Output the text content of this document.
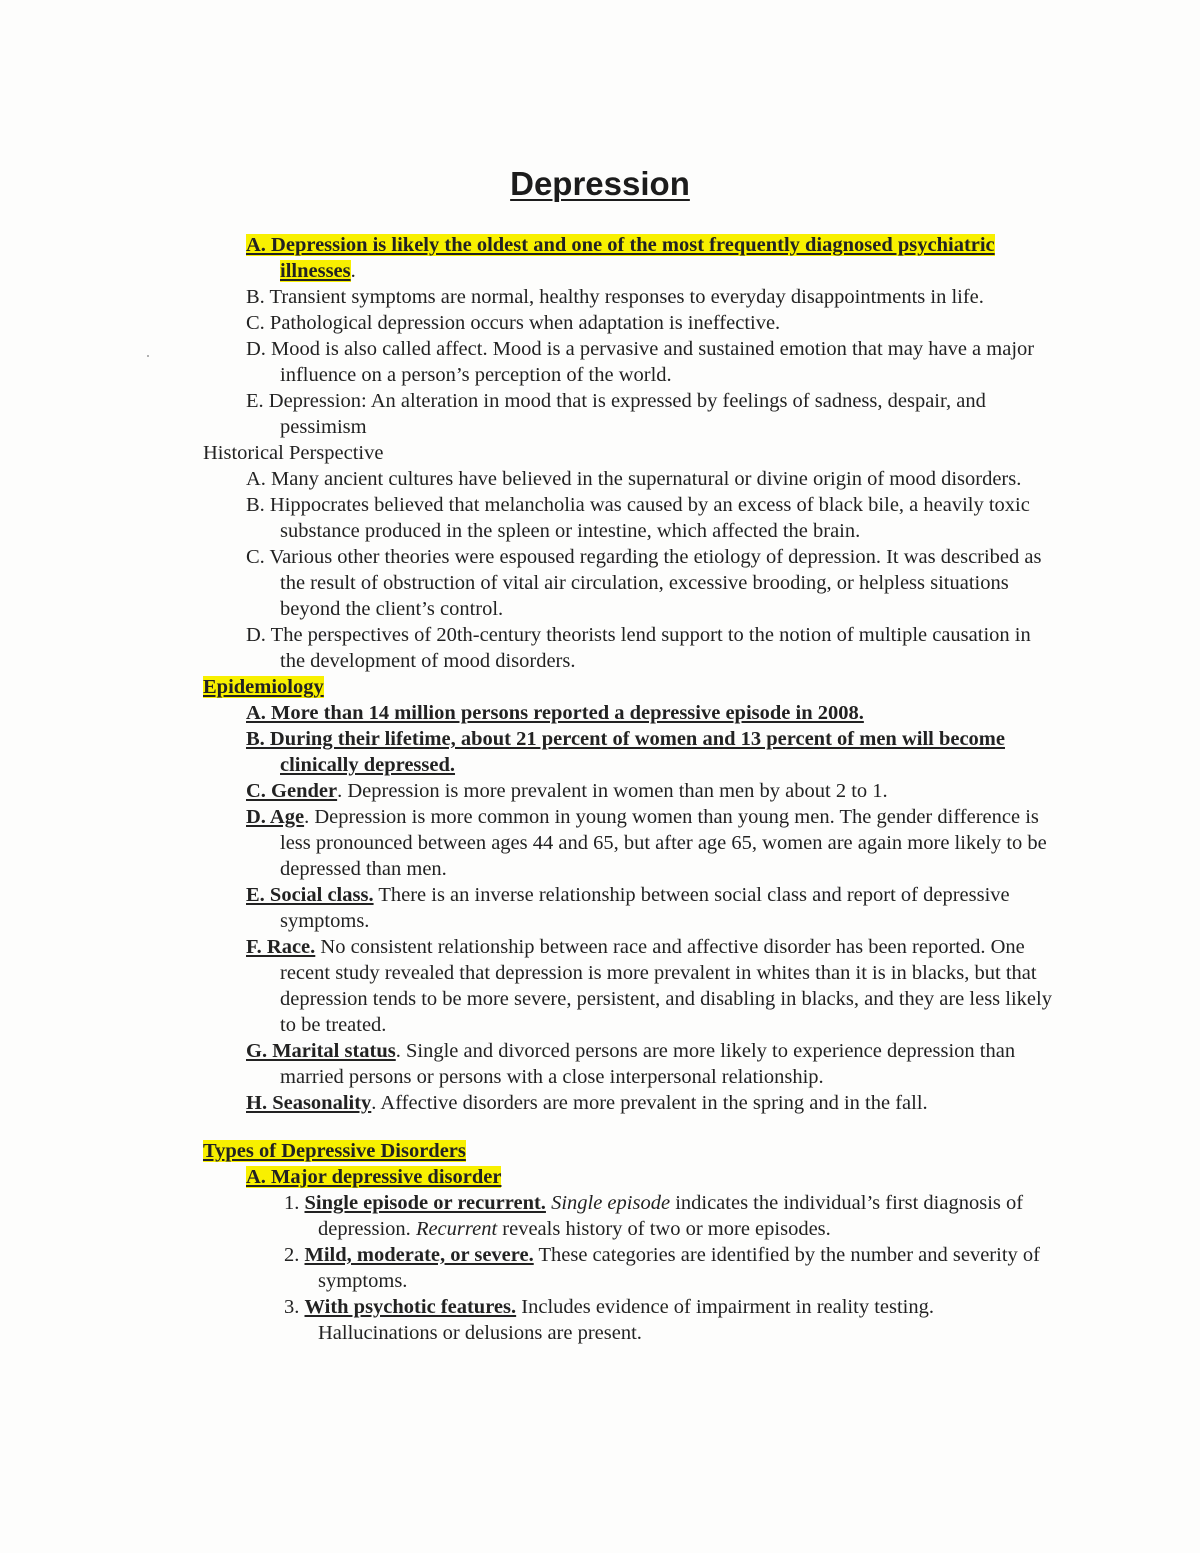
Depression
A. Depression is likely the oldest and one of the most frequently diagnosed psychiatric illnesses.
B. Transient symptoms are normal, healthy responses to everyday disappointments in life.
C. Pathological depression occurs when adaptation is ineffective.
D. Mood is also called affect. Mood is a pervasive and sustained emotion that may have a major influence on a person’s perception of the world.
E. Depression: An alteration in mood that is expressed by feelings of sadness, despair, and pessimism
Historical Perspective
A. Many ancient cultures have believed in the supernatural or divine origin of mood disorders.
B. Hippocrates believed that melancholia was caused by an excess of black bile, a heavily toxic substance produced in the spleen or intestine, which affected the brain.
C. Various other theories were espoused regarding the etiology of depression. It was described as the result of obstruction of vital air circulation, excessive brooding, or helpless situations beyond the client’s control.
D. The perspectives of 20th-century theorists lend support to the notion of multiple causation in the development of mood disorders.
Epidemiology
A. More than 14 million persons reported a depressive episode in 2008.
B. During their lifetime, about 21 percent of women and 13 percent of men will become clinically depressed.
C. Gender. Depression is more prevalent in women than men by about 2 to 1.
D. Age. Depression is more common in young women than young men. The gender difference is less pronounced between ages 44 and 65, but after age 65, women are again more likely to be depressed than men.
E. Social class. There is an inverse relationship between social class and report of depressive symptoms.
F. Race. No consistent relationship between race and affective disorder has been reported. One recent study revealed that depression is more prevalent in whites than it is in blacks, but that depression tends to be more severe, persistent, and disabling in blacks, and they are less likely to be treated.
G. Marital status. Single and divorced persons are more likely to experience depression than married persons or persons with a close interpersonal relationship.
H. Seasonality. Affective disorders are more prevalent in the spring and in the fall.
Types of Depressive Disorders
A. Major depressive disorder
1. Single episode or recurrent. Single episode indicates the individual’s first diagnosis of depression. Recurrent reveals history of two or more episodes.
2. Mild, moderate, or severe. These categories are identified by the number and severity of symptoms.
3. With psychotic features. Includes evidence of impairment in reality testing. Hallucinations or delusions are present.
